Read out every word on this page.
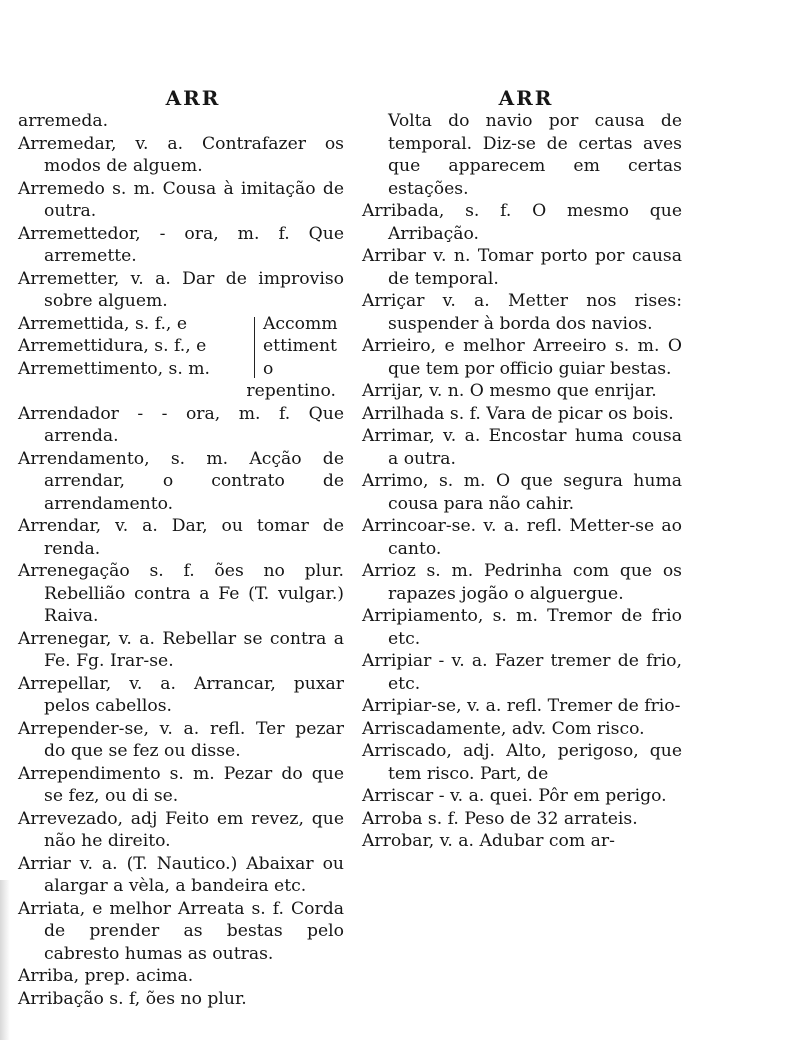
ARR
arremeda.
Arremedar, v. a. Contrafazer os modos de alguem.
Arremedo s. m. Cousa à imitação de outra.
Arremettedor, - ora, m. f. Que arremette.
Arremetter, v. a. Dar de improviso sobre alguem.
Arremettida, s. f., e
Arremettidura, s. f., e
Arremettimento, s. m.
Accommettimento
repentino.
Arrendador - - ora, m. f. Que arrenda.
Arrendamento, s. m. Acção de arrendar, o contrato de arrendamento.
Arrendar, v. a. Dar, ou tomar de renda.
Arrenegação s. f. ões no plur. Rebellião contra a Fe (T. vulgar.) Raiva.
Arrenegar, v. a. Rebellar se contra a Fe. Fg. Irar-se.
Arrepellar, v. a. Arrancar, puxar pelos cabellos.
Arrepender-se, v. a. refl. Ter pezar do que se fez ou disse.
Arrependimento s. m. Pezar do que se fez, ou di se.
Arrevezado, adj Feito em revez, que não he direito.
Arriar v. a. (T. Nautico.) Abaixar ou alargar a vèla, a bandeira etc.
Arriata, e melhor Arreata s. f. Corda de prender as bestas pelo cabresto humas as outras.
Arriba, prep. acima.
Arribação s. f, ões no plur.
ARR
Volta do navio por causa de temporal. Diz-se de certas aves que apparecem em certas estações.
Arribada, s. f. O mesmo que Arribação.
Arribar v. n. Tomar porto por causa de temporal.
Arriçar v. a. Metter nos rises: suspender à borda dos navios.
Arrieiro, e melhor Arreeiro s. m. O que tem por officio guiar bestas.
Arrijar, v. n. O mesmo que enrijar.
Arrilhada s. f. Vara de picar os bois.
Arrimar, v. a. Encostar huma cousa a outra.
Arrimo, s. m. O que segura huma cousa para não cahir.
Arrincoar-se. v. a. refl. Metter-se ao canto.
Arrioz s. m. Pedrinha com que os rapazes jogão o alguergue.
Arripiamento, s. m. Tremor de frio etc.
Arripiar - v. a. Fazer tremer de frio, etc.
Arripiar-se, v. a. refl. Tremer de frio-
Arriscadamente, adv. Com risco.
Arriscado, adj. Alto, perigoso, que tem risco. Part, de
Arriscar - v. a. quei. Pôr em perigo.
Arroba s. f. Peso de 32 arrateis.
Arrobar, v. a. Adubar com ar-
